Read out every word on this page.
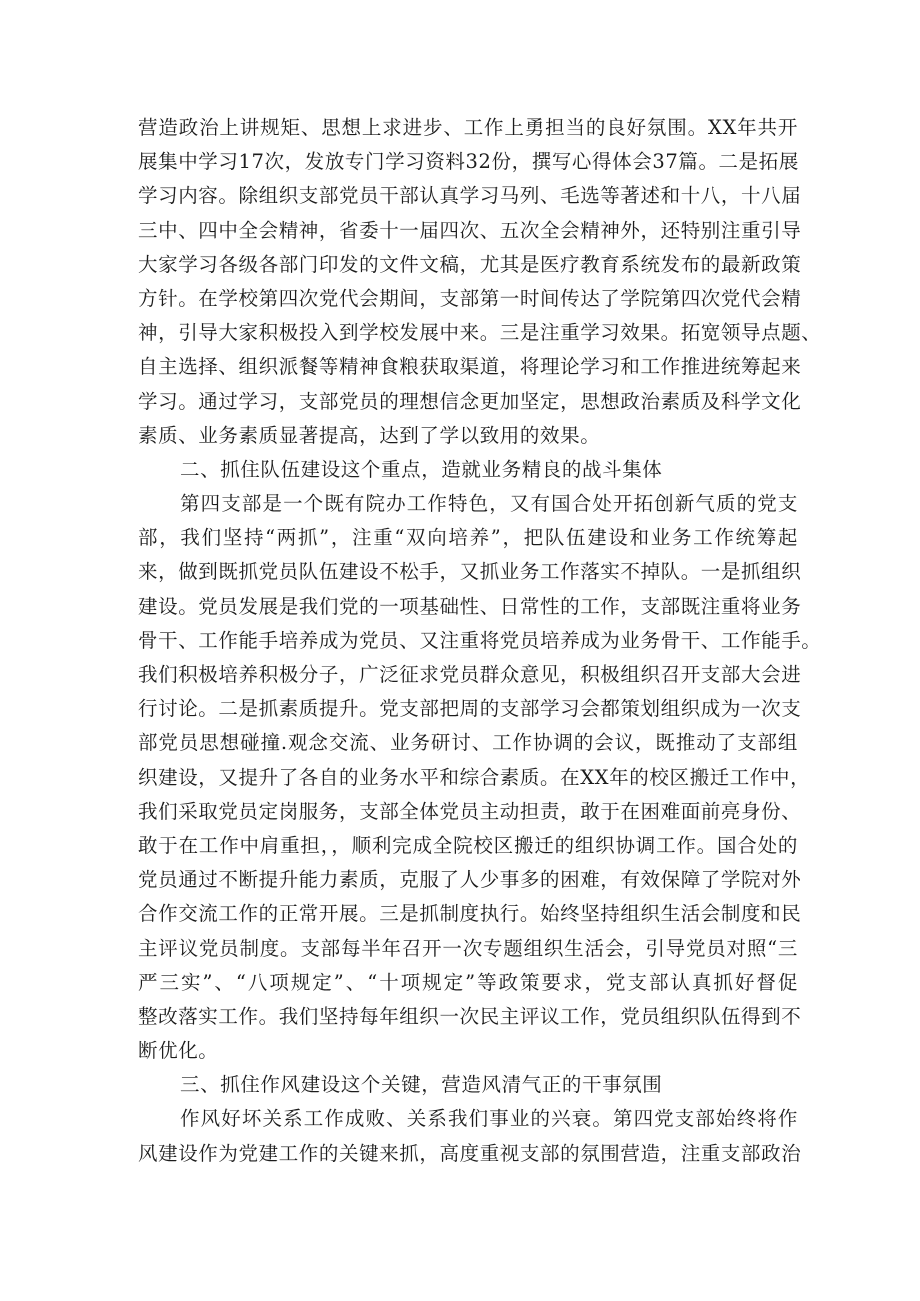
营造政治上讲规矩、思想上求进步、工作上勇担当的良好氛围。XX年共开
展集中学习17次，发放专门学习资料32份，撰写心得体会37篇。二是拓展
学习内容。除组织支部党员干部认真学习马列、毛选等著述和十八，十八届
三中、四中全会精神，省委十一届四次、五次全会精神外，还特别注重引导
大家学习各级各部门印发的文件文稿，尤其是医疗教育系统发布的最新政策
方针。在学校第四次党代会期间，支部第一时间传达了学院第四次党代会精
神，引导大家积极投入到学校发展中来。三是注重学习效果。拓宽领导点题、
自主选择、组织派餐等精神食粮获取渠道，将理论学习和工作推进统筹起来
学习。通过学习，支部党员的理想信念更加坚定，思想政治素质及科学文化
素质、业务素质显著提高，达到了学以致用的效果。
二、抓住队伍建设这个重点，造就业务精良的战斗集体
第四支部是一个既有院办工作特色，又有国合处开拓创新气质的党支
部，我们坚持“两抓”，注重“双向培养”，把队伍建设和业务工作统筹起
来，做到既抓党员队伍建设不松手，又抓业务工作落实不掉队。一是抓组织
建设。党员发展是我们党的一项基础性、日常性的工作，支部既注重将业务
骨干、工作能手培养成为党员、又注重将党员培养成为业务骨干、工作能手。
我们积极培养积极分子，广泛征求党员群众意见，积极组织召开支部大会进
行讨论。二是抓素质提升。党支部把周的支部学习会都策划组织成为一次支
部党员思想碰撞.观念交流、业务研讨、工作协调的会议，既推动了支部组
织建设，又提升了各自的业务水平和综合素质。在XX年的校区搬迁工作中，
我们采取党员定岗服务，支部全体党员主动担责，敢于在困难面前亮身份、
敢于在工作中肩重担，，顺利完成全院校区搬迁的组织协调工作。国合处的
党员通过不断提升能力素质，克服了人少事多的困难，有效保障了学院对外
合作交流工作的正常开展。三是抓制度执行。始终坚持组织生活会制度和民
主评议党员制度。支部每半年召开一次专题组织生活会，引导党员对照“三
严三实”、“八项规定”、“十项规定”等政策要求，党支部认真抓好督促
整改落实工作。我们坚持每年组织一次民主评议工作，党员组织队伍得到不
断优化。
三、抓住作风建设这个关键，营造风清气正的干事氛围
作风好坏关系工作成败、关系我们事业的兴衰。第四党支部始终将作
风建设作为党建工作的关键来抓，高度重视支部的氛围营造，注重支部政治
